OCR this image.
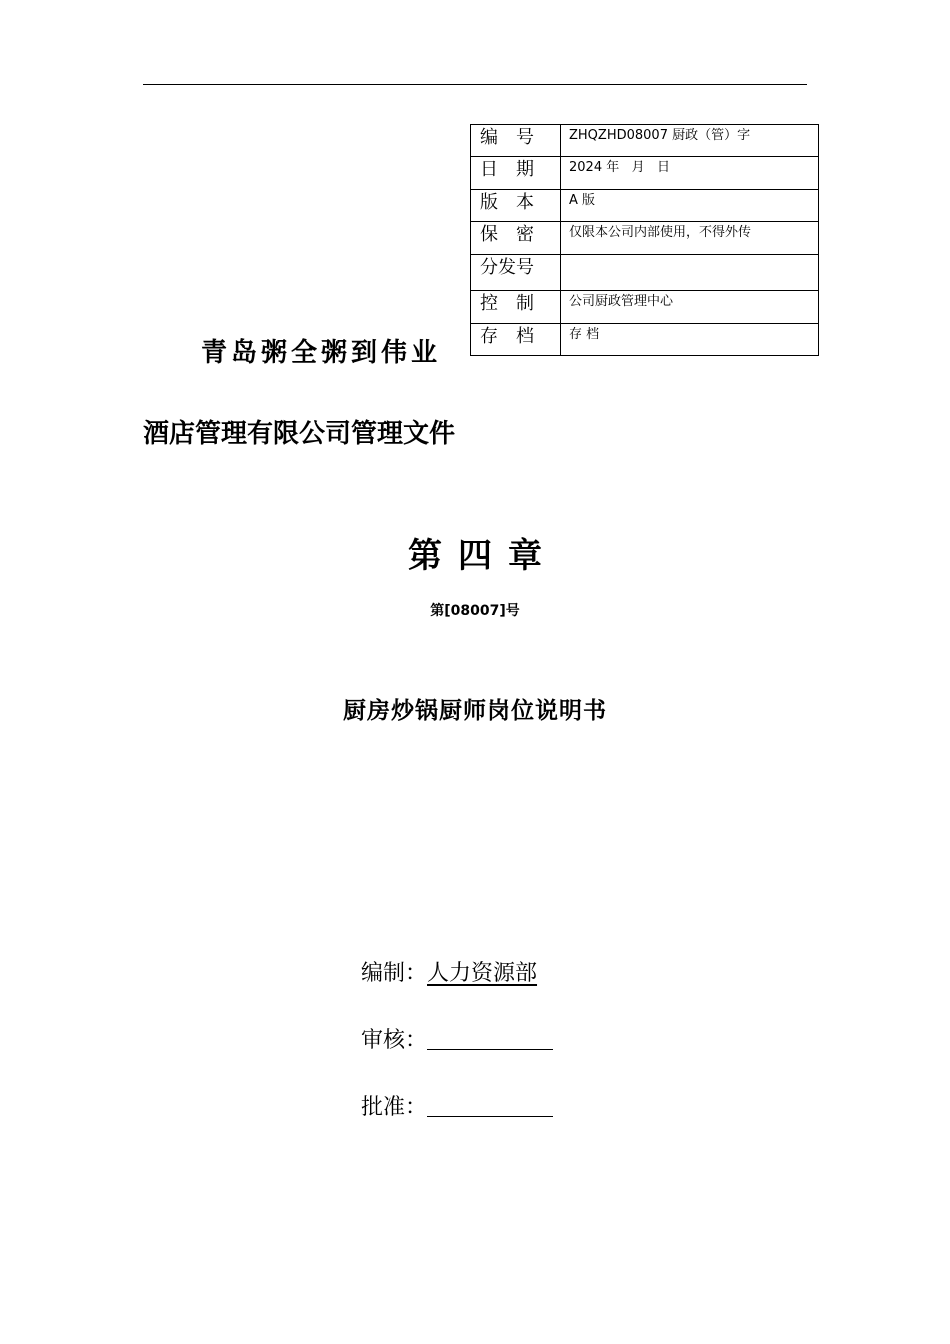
编号	ZHQZHD08007 厨政（管）字
日期	2024 年   月   日
版本	A 版
保密	仅限本公司内部使用，不得外传
分发号	
控制	公司厨政管理中心
存档	存 档
青岛粥全粥到伟业
酒店管理有限公司管理文件
第四章
第[08007]号
厨房炒锅厨师岗位说明书
编制：人力资源部
审核：
批准：
